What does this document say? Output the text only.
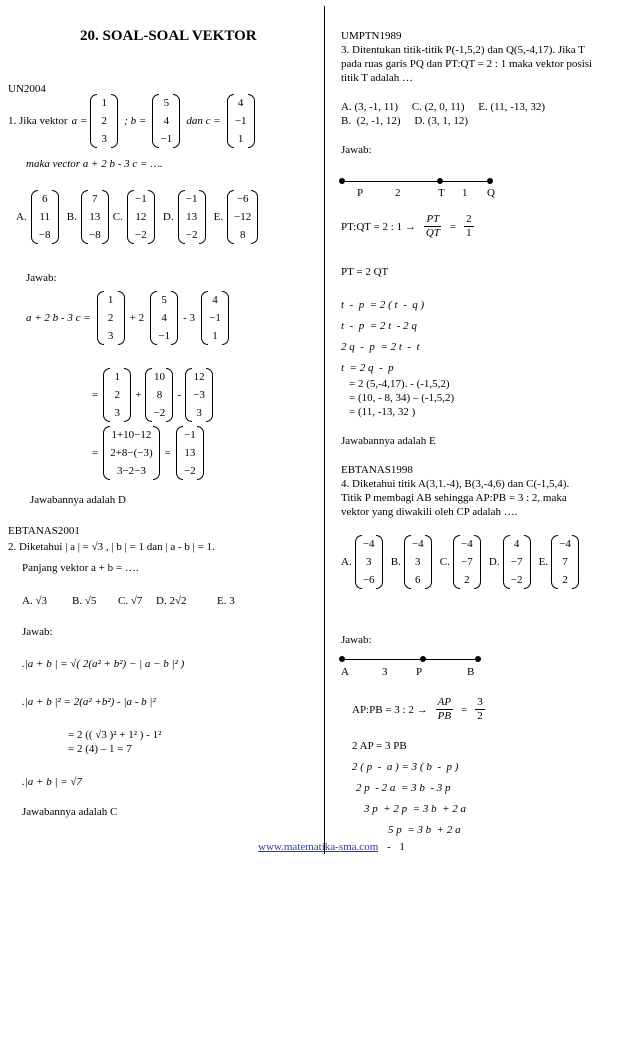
20. SOAL-SOAL VEKTOR
UN2004
1. Jika vektor a =
1
2
3
; b =
5
4
−1
dan c =
4
−1
1
maka vector a + 2 b - 3 c = ….
A.
6
11
−8
B.
7
13
−8
C.
−1
12
−2
D.
−1
13
−2
E.
−6
−12
8
Jawab:
a + 2 b - 3 c =
1
2
3
+ 2
5
4
−1
- 3
4
−1
1
=
1
2
3
+
10
8
−2
-
12
−3
3
=
1+10−12
2+8−(−3)
3−2−3
=
−1
13
−2
Jawabannya adalah D
EBTANAS2001
2. Diketahui | a | = √3 , | b | = 1 dan | a - b | = 1.
Panjang vektor a + b = ….
A. √3 B. √5 C. √7 D. 2√2	E. 3
Jawab:
.|a + b | = √( 2(a² + b²) − | a − b |² )
.|a + b |² = 2(a² +b²) - |a - b |²
= 2 (( √3 )² + 1² ) - 1²
= 2 (4) – 1 = 7
.|a + b | = √7
Jawabannya adalah C
UMPTN1989
3. Ditentukan titik-titik P(-1,5,2) dan Q(5,-4,17). Jika T
pada ruas garis PQ dan PT:QT = 2 : 1 maka vektor posisi
titik T adalah …
A. (3, -1, 11)     C. (2, 0, 11)     E. (11, -13, 32)
B.  (2, -1, 12)     D. (3, 1, 12)
Jawab:
P	2	T 1 Q
PT:QT = 2 : $1 \to \frac{PT}{QT} = \frac{2}{1}$
PT = 2 QT
t  -  p  = 2 ( t  -  q )
t  -  p  = 2 t  - 2 q
2 q  -  p  = 2 t  -  t
t  = 2 q  -  p
= 2 (5,-4,17). - (-1,5,2)
= (10, - 8, 34) – (-1,5,2)
= (11, -13, 32 )
Jawabannya adalah E
EBTANAS1998
4. Diketahui titik A(3,1.-4), B(3,-4,6) dan C(-1,5,4).
Titik P membagi AB sehingga AP:PB = 3 : 2, maka
vektor yang diwakili oleh CP adalah ….
A.
−4
3
−6
B.
−4
3
6
C.
−4
−7
2
D.
4
−7
−2
E.
−4
7
2
Jawab:
A	3	P	B
AP:PB = 3 : $2 \to \frac{AP}{PB} = \frac{3}{2}$
2 AP = 3 PB
2 ( p  -  a ) = 3 ( b  -  p )
2 p  - 2 a  = 3 b  - 3 p
3 p  + 2 p  = 3 b  + 2 a
5 p  = 3 b  + 2 a
www.matematika-sma.com - 1
